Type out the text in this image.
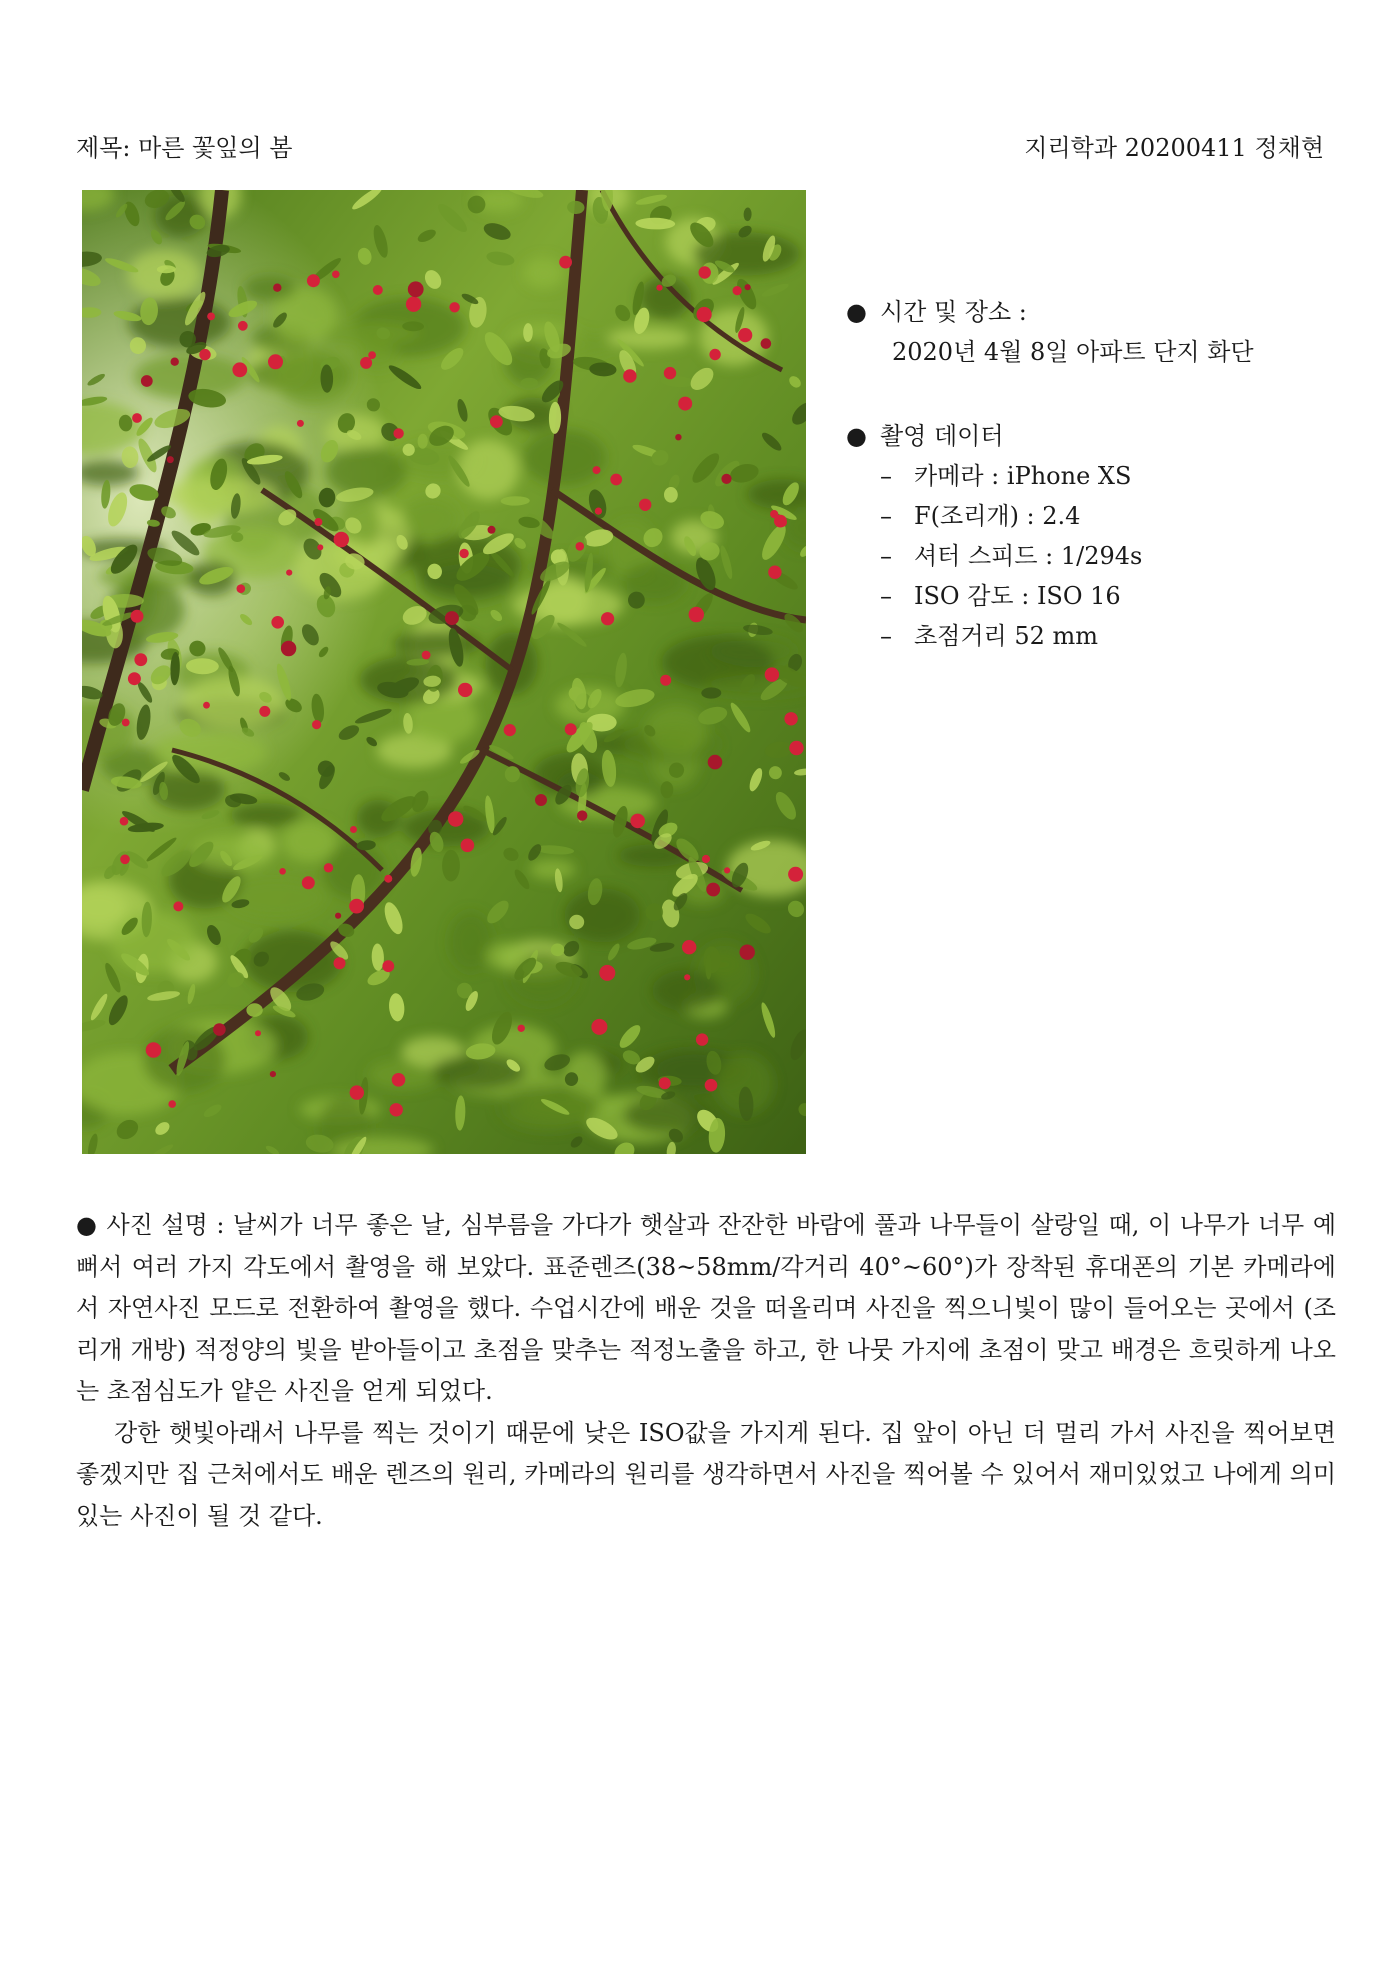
제목: 마른 꽃잎의 봄	지리학과 20200411 정채현
● 시간 및 장소 :
2020년 4월 8일 아파트 단지 화단
● 촬영 데이터
– 카메라 : iPhone XS
– F(조리개) : 2.4
– 셔터 스피드 : 1/294s
– ISO 감도 : ISO 16
– 초점거리 52 mm

● 사진 설명 : 날씨가 너무 좋은 날, 심부름을 가다가 햇살과 잔잔한 바람에 풀과 나무들이 살랑일 때, 이 나무가 너무 예뻐서 여러 가지 각도에서 촬영을 해 보았다. 표준렌즈(38~58mm/각거리 40°~60°)가 장착된 휴대폰의 기본 카메라에서 자연사진 모드로 전환하여 촬영을 했다. 수업시간에 배운 것을 떠올리며 사진을 찍으니빛이 많이 들어오는 곳에서 (조리개 개방) 적정양의 빛을 받아들이고 초점을 맞추는 적정노출을 하고, 한 나뭇 가지에 초점이 맞고 배경은 흐릿하게 나오는 초점심도가 얕은 사진을 얻게 되었다.

강한 햇빛아래서 나무를 찍는 것이기 때문에 낮은 ISO값을 가지게 된다. 집 앞이 아닌 더 멀리 가서 사진을 찍어보면 좋겠지만 집 근처에서도 배운 렌즈의 원리, 카메라의 원리를 생각하면서 사진을 찍어볼 수 있어서 재미있었고 나에게 의미 있는 사진이 될 것 같다.
